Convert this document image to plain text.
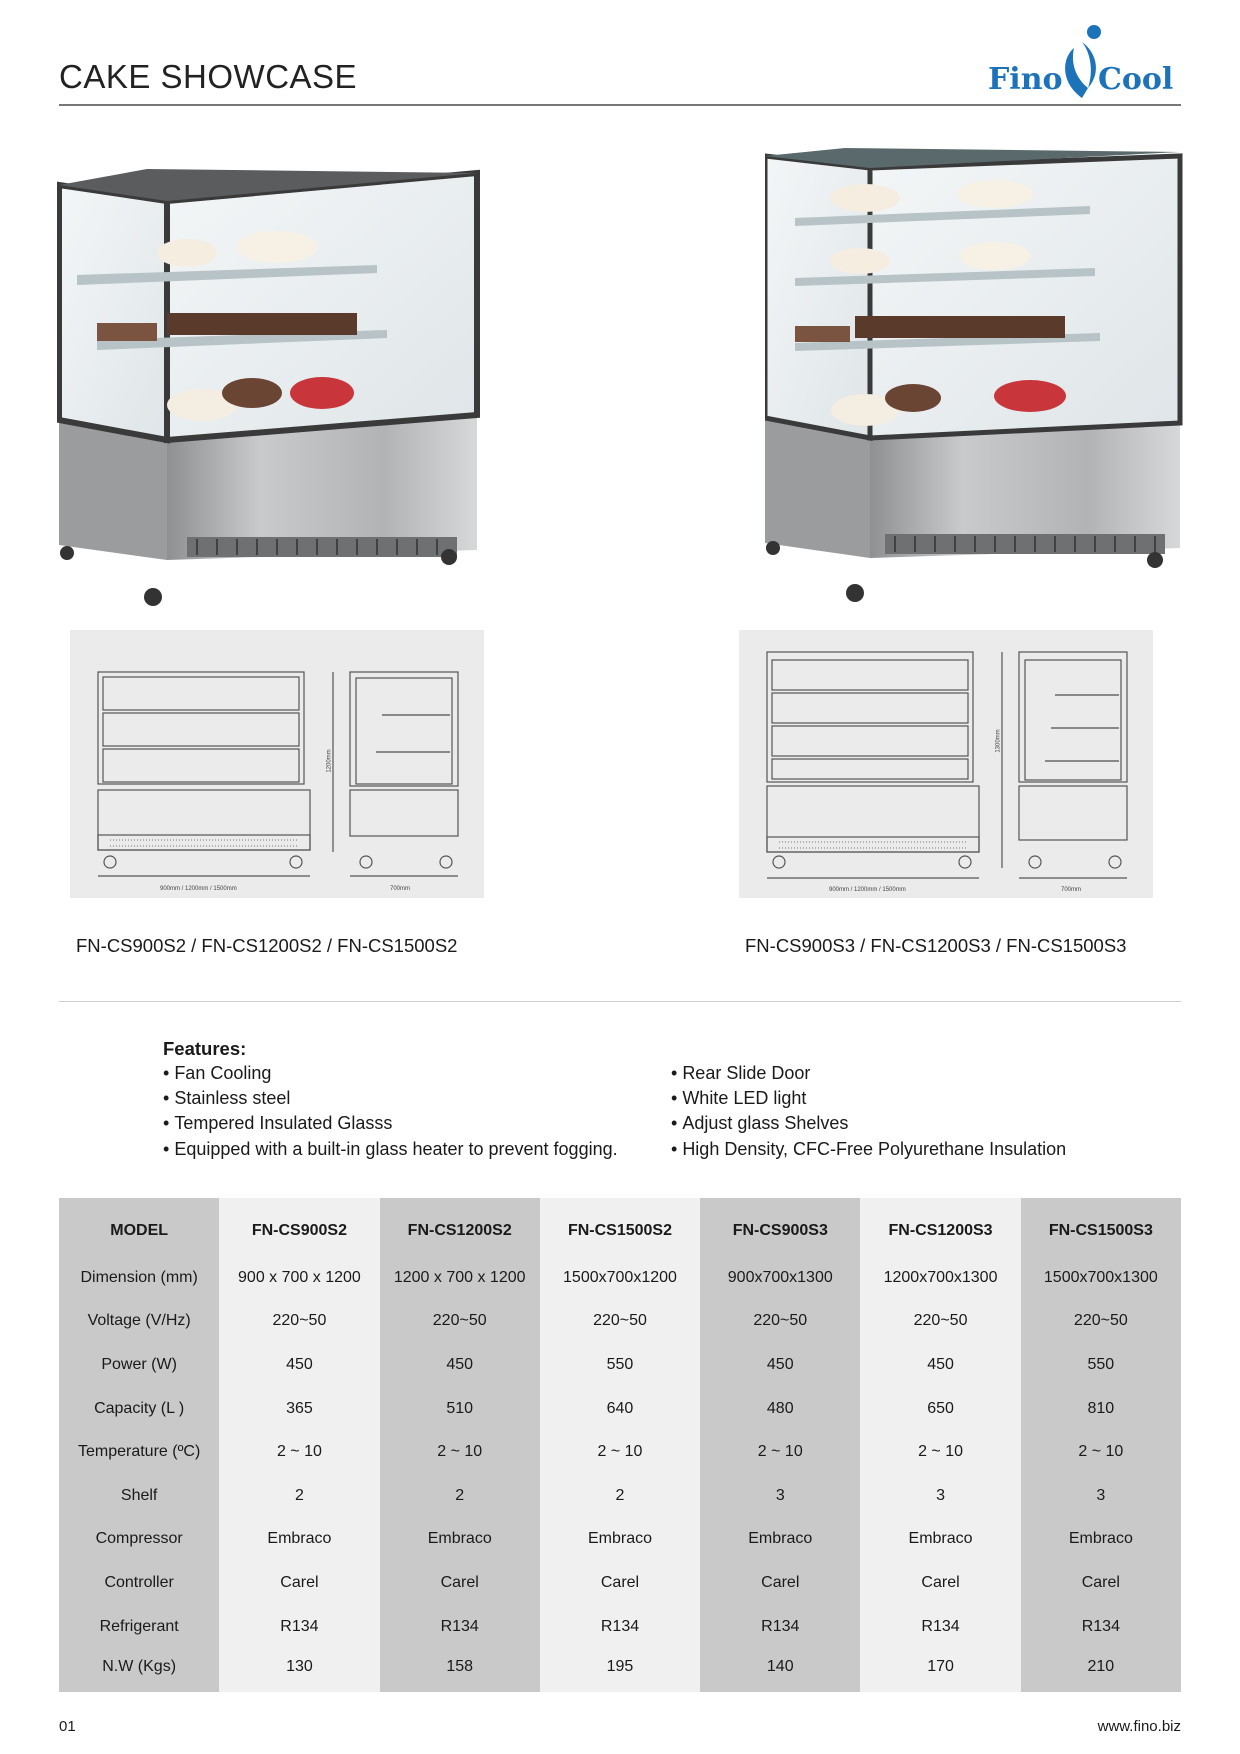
CAKE SHOWCASE	Fino Cool
900mm / 1200mm / 1500mm	700mm
1200mm
900mm / 1200mm / 1500mm	700mm
1300mm
FN-CS900S2 / FN-CS1200S2 / FN-CS1500S2	FN-CS900S3 / FN-CS1200S3 / FN-CS1500S3
Features:
• Fan Cooling
• Stainless steel
• Tempered Insulated Glasss
• Equipped with a built-in glass heater to prevent fogging.
• Rear Slide Door
• White LED light
• Adjust glass Shelves
• High Density, CFC-Free Polyurethane Insulation
MODEL	FN-CS900S2	FN-CS1200S2	FN-CS1500S2	FN-CS900S3	FN-CS1200S3	FN-CS1500S3
Dimension (mm)	900 x 700 x 1200	1200 x 700 x 1200	1500x700x1200	900x700x1300	1200x700x1300	1500x700x1300
Voltage (V/Hz)	220~50	220~50	220~50	220~50	220~50	220~50
Power (W)	450	450	550	450	450	550
Capacity (L )	365	510	640	480	650	810
Temperature (ºC)	2 ~ 10	2 ~ 10	2 ~ 10	2 ~ 10	2 ~ 10	2 ~ 10
Shelf	2	2	2	3	3	3
Compressor	Embraco	Embraco	Embraco	Embraco	Embraco	Embraco
Controller	Carel	Carel	Carel	Carel	Carel	Carel
Refrigerant	R134	R134	R134	R134	R134	R134
N.W (Kgs)	130	158	195	140	170	210
01	www.fino.biz
